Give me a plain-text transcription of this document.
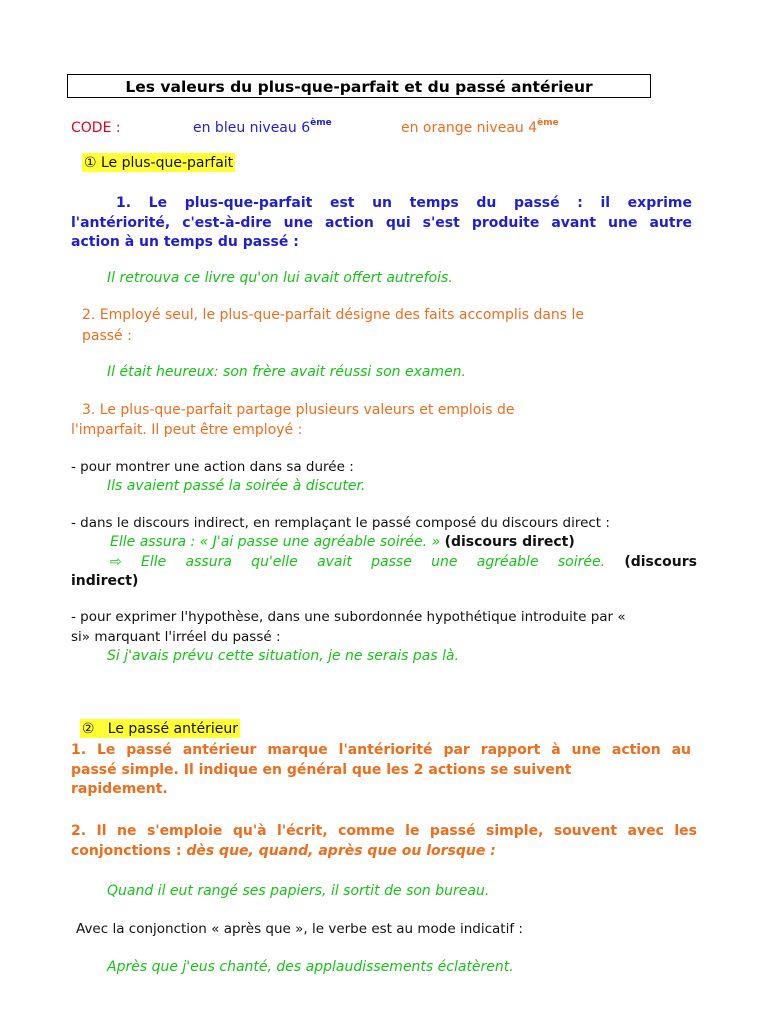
Les valeurs du plus-que-parfait et du passé antérieur
CODE :	en bleu niveau 6ème	en orange niveau 4ème
① Le plus-que-parfait
1. Le plus-que-parfait est un temps du passé : il exprime
l'antériorité, c'est-à-dire une action qui s'est produite avant une autre
action à un temps du passé :
Il retrouva ce livre qu'on lui avait offert autrefois.
2. Employé seul, le plus-que-parfait désigne des faits accomplis dans le
passé :
Il était heureux: son frère avait réussi son examen.
3. Le plus-que-parfait partage plusieurs valeurs et emplois de
l'imparfait. Il peut être employé :
- pour montrer une action dans sa durée :
Ils avaient passé la soirée à discuter.
- dans le discours indirect, en remplaçant le passé composé du discours direct :
Elle assura : « J'ai passe une agréable soirée. » (discours direct)
⇨ Elle assura qu'elle avait passe une agréable soirée. (discours
indirect)
- pour exprimer l'hypothèse, dans une subordonnée hypothétique introduite par «
si» marquant l'irréel du passé :
Si j'avais prévu cette situation, je ne serais pas là.

②   Le passé antérieur

1. Le passé antérieur marque l'antériorité par rapport à une action au
passé simple. Il indique en général que les 2 actions se suivent
rapidement.
2. Il ne s'emploie qu'à l'écrit, comme le passé simple, souvent avec les
conjonctions : dès que, quand, après que ou lorsque :
Quand il eut rangé ses papiers, il sortit de son bureau.
Avec la conjonction « après que », le verbe est au mode indicatif :
Après que j'eus chanté, des applaudissements éclatèrent.
